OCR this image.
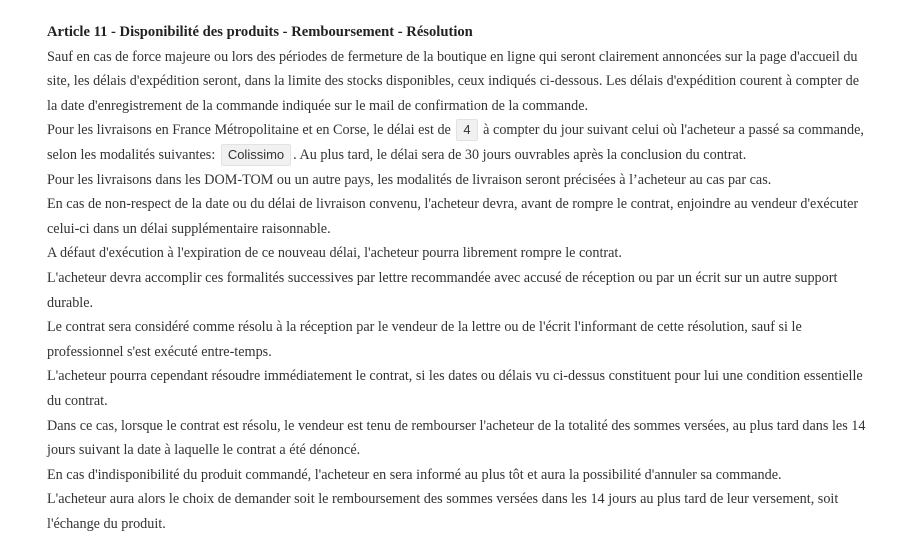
Article 11 - Disponibilité des produits - Remboursement - Résolution

Sauf en cas de force majeure ou lors des périodes de fermeture de la boutique en ligne qui seront clairement annoncées sur la page d'accueil du site, les délais d'expédition seront, dans la limite des stocks disponibles, ceux indiqués ci-dessous. Les délais d'expédition courent à compter de la date d'enregistrement de la commande indiquée sur le mail de confirmation de la commande.

Pour les livraisons en France Métropolitaine et en Corse, le délai est de 4 à compter du jour suivant celui où l'acheteur a passé sa commande, selon les modalités suivantes: Colissimo . Au plus tard, le délai sera de 30 jours ouvrables après la conclusion du contrat.

Pour les livraisons dans les DOM-TOM ou un autre pays, les modalités de livraison seront précisées à l’acheteur au cas par cas.

En cas de non-respect de la date ou du délai de livraison convenu, l'acheteur devra, avant de rompre le contrat, enjoindre au vendeur d'exécuter celui-ci dans un délai supplémentaire raisonnable.

A défaut d'exécution à l'expiration de ce nouveau délai, l'acheteur pourra librement rompre le contrat.

L'acheteur devra accomplir ces formalités successives par lettre recommandée avec accusé de réception ou par un écrit sur un autre support durable.

Le contrat sera considéré comme résolu à la réception par le vendeur de la lettre ou de l'écrit l'informant de cette résolution, sauf si le professionnel s'est exécuté entre-temps.

L'acheteur pourra cependant résoudre immédiatement le contrat, si les dates ou délais vu ci-dessus constituent pour lui une condition essentielle du contrat.

Dans ce cas, lorsque le contrat est résolu, le vendeur est tenu de rembourser l'acheteur de la totalité des sommes versées, au plus tard dans les 14 jours suivant la date à laquelle le contrat a été dénoncé.

En cas d'indisponibilité du produit commandé, l'acheteur en sera informé au plus tôt et aura la possibilité d'annuler sa commande.

L'acheteur aura alors le choix de demander soit le remboursement des sommes versées dans les 14 jours au plus tard de leur versement, soit l'échange du produit.
